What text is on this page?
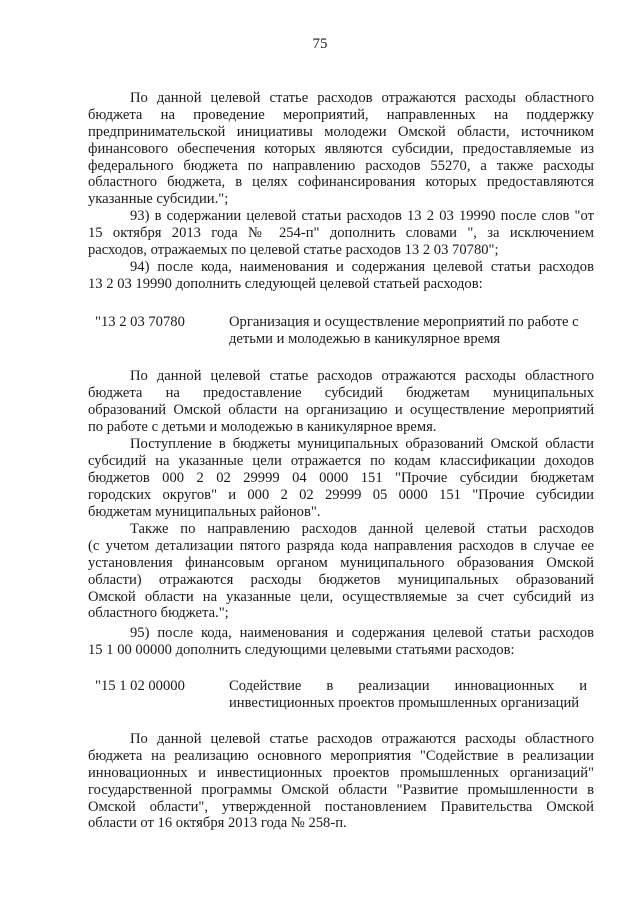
75
По данной целевой статье расходов отражаются расходы областного
бюджета на проведение мероприятий, направленных на поддержку
предпринимательской инициативы молодежи Омской области, источником
финансового обеспечения которых являются субсидии, предоставляемые из
федерального бюджета по направлению расходов 55270, а также расходы
областного бюджета, в целях софинансирования которых предоставляются
указанные субсидии.";
93) в содержании целевой статьи расходов 13 2 03 19990 после слов "от
15 октября 2013 года № 254-п" дополнить словами ", за исключением
расходов, отражаемых по целевой статье расходов 13 2 03 70780";
94) после кода, наименования и содержания целевой статьи расходов
13 2 03 19990 дополнить следующей целевой статьей расходов:
"13 2 03 70780	Организация и осуществление мероприятий по работе с
детьми и молодежью в каникулярное время
По данной целевой статье расходов отражаются расходы областного
бюджета на предоставление субсидий бюджетам муниципальных
образований Омской области на организацию и осуществление мероприятий
по работе с детьми и молодежью в каникулярное время.
Поступление в бюджеты муниципальных образований Омской области
субсидий на указанные цели отражается по кодам классификации доходов
бюджетов 000 2 02 29999 04 0000 151 "Прочие субсидии бюджетам
городских округов" и 000 2 02 29999 05 0000 151 "Прочие субсидии
бюджетам муниципальных районов".
Также по направлению расходов данной целевой статьи расходов
(с учетом детализации пятого разряда кода направления расходов в случае ее
установления финансовым органом муниципального образования Омской
области) отражаются расходы бюджетов муниципальных образований
Омской области на указанные цели, осуществляемые за счет субсидий из
областного бюджета.";
95) после кода, наименования и содержания целевой статьи расходов
15 1 00 00000 дополнить следующими целевыми статьями расходов:
"15 1 02 00000	Содействие в реализации инновационных и
инвестиционных проектов промышленных организаций
По данной целевой статье расходов отражаются расходы областного
бюджета на реализацию основного мероприятия "Содействие в реализации
инновационных и инвестиционных проектов промышленных организаций"
государственной программы Омской области "Развитие промышленности в
Омской области", утвержденной постановлением Правительства Омской
области от 16 октября 2013 года № 258-п.
